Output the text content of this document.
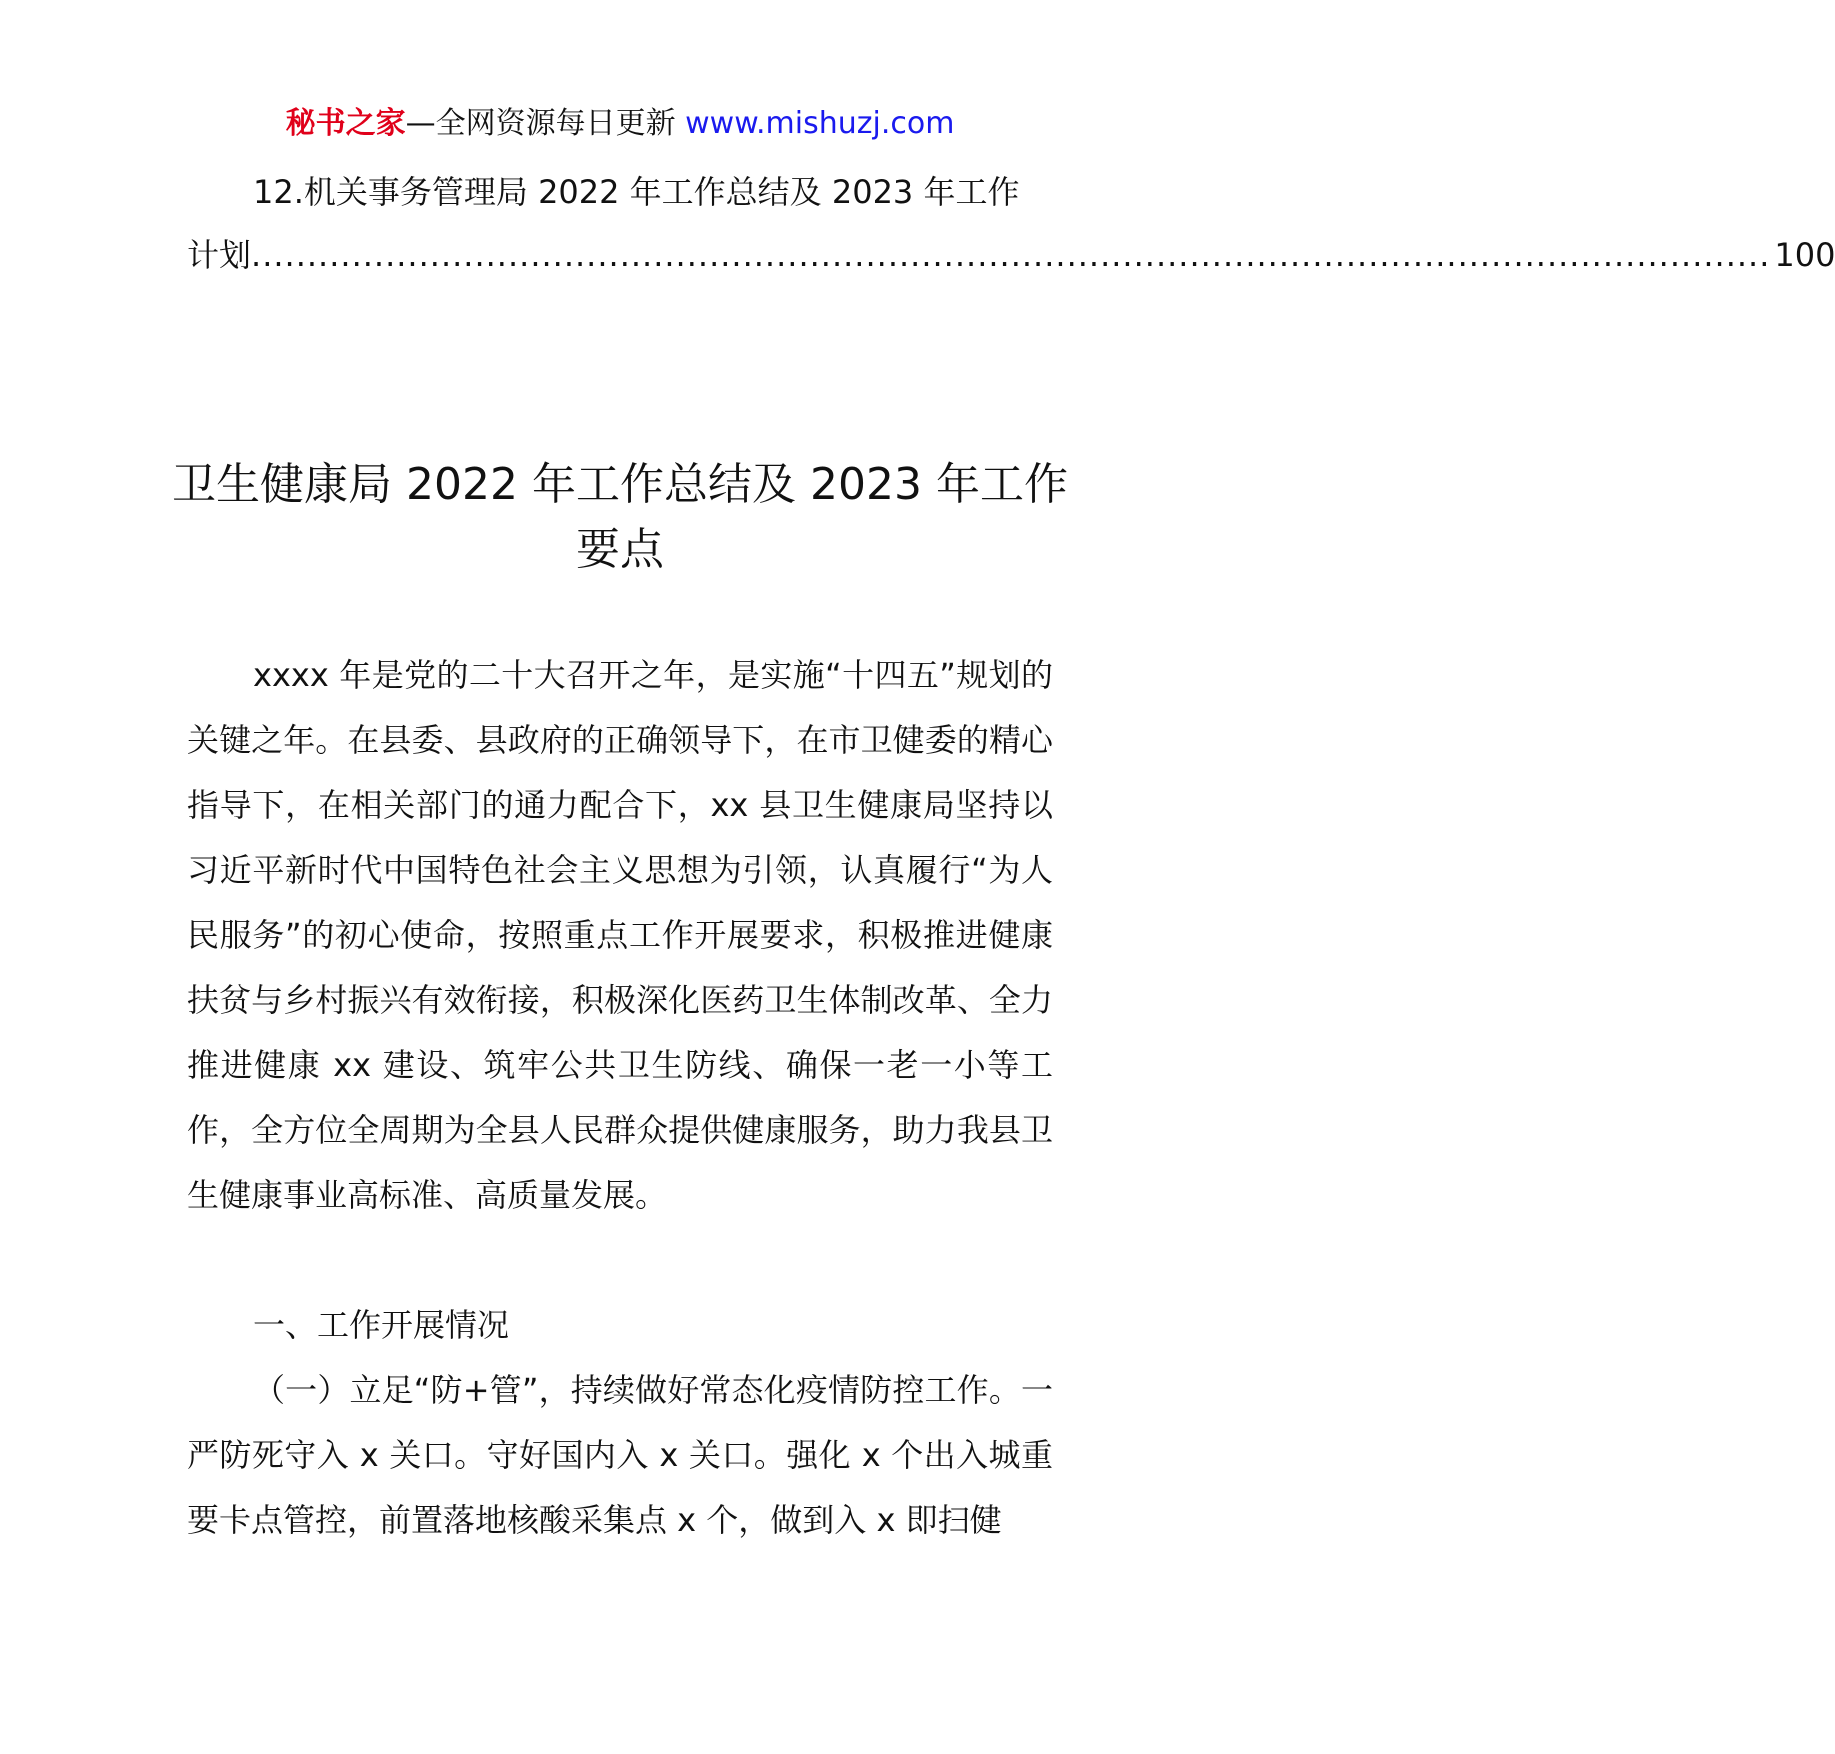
秘书之家—全网资源每日更新 www.mishuzj.com
12.机关事务管理局 2022 年工作总结及 2023 年工作
计划 ........................................................................................................................................ 100
卫生健康局 2022 年工作总结及 2023 年工作要点

xxxx 年是党的二十大召开之年，是实施“十四五”规划的关键之年。在县委、县政府的正确领导下，在市卫健委的精心指导下，在相关部门的通力配合下，xx 县卫生健康局坚持以习近平新时代中国特色社会主义思想为引领，认真履行“为人民服务”的初心使命，按照重点工作开展要求，积极推进健康扶贫与乡村振兴有效衔接，积极深化医药卫生体制改革、全力推进健康 xx 建设、筑牢公共卫生防线、确保一老一小等工作，全方位全周期为全县人民群众提供健康服务，助力我县卫生健康事业高标准、高质量发展。

一、工作开展情况

（一）立足“防+管”，持续做好常态化疫情防控工作。一严防死守入 x 关口。守好国内入 x 关口。强化 x 个出入城重要卡点管控，前置落地核酸采集点 x 个，做到入 x 即扫健
